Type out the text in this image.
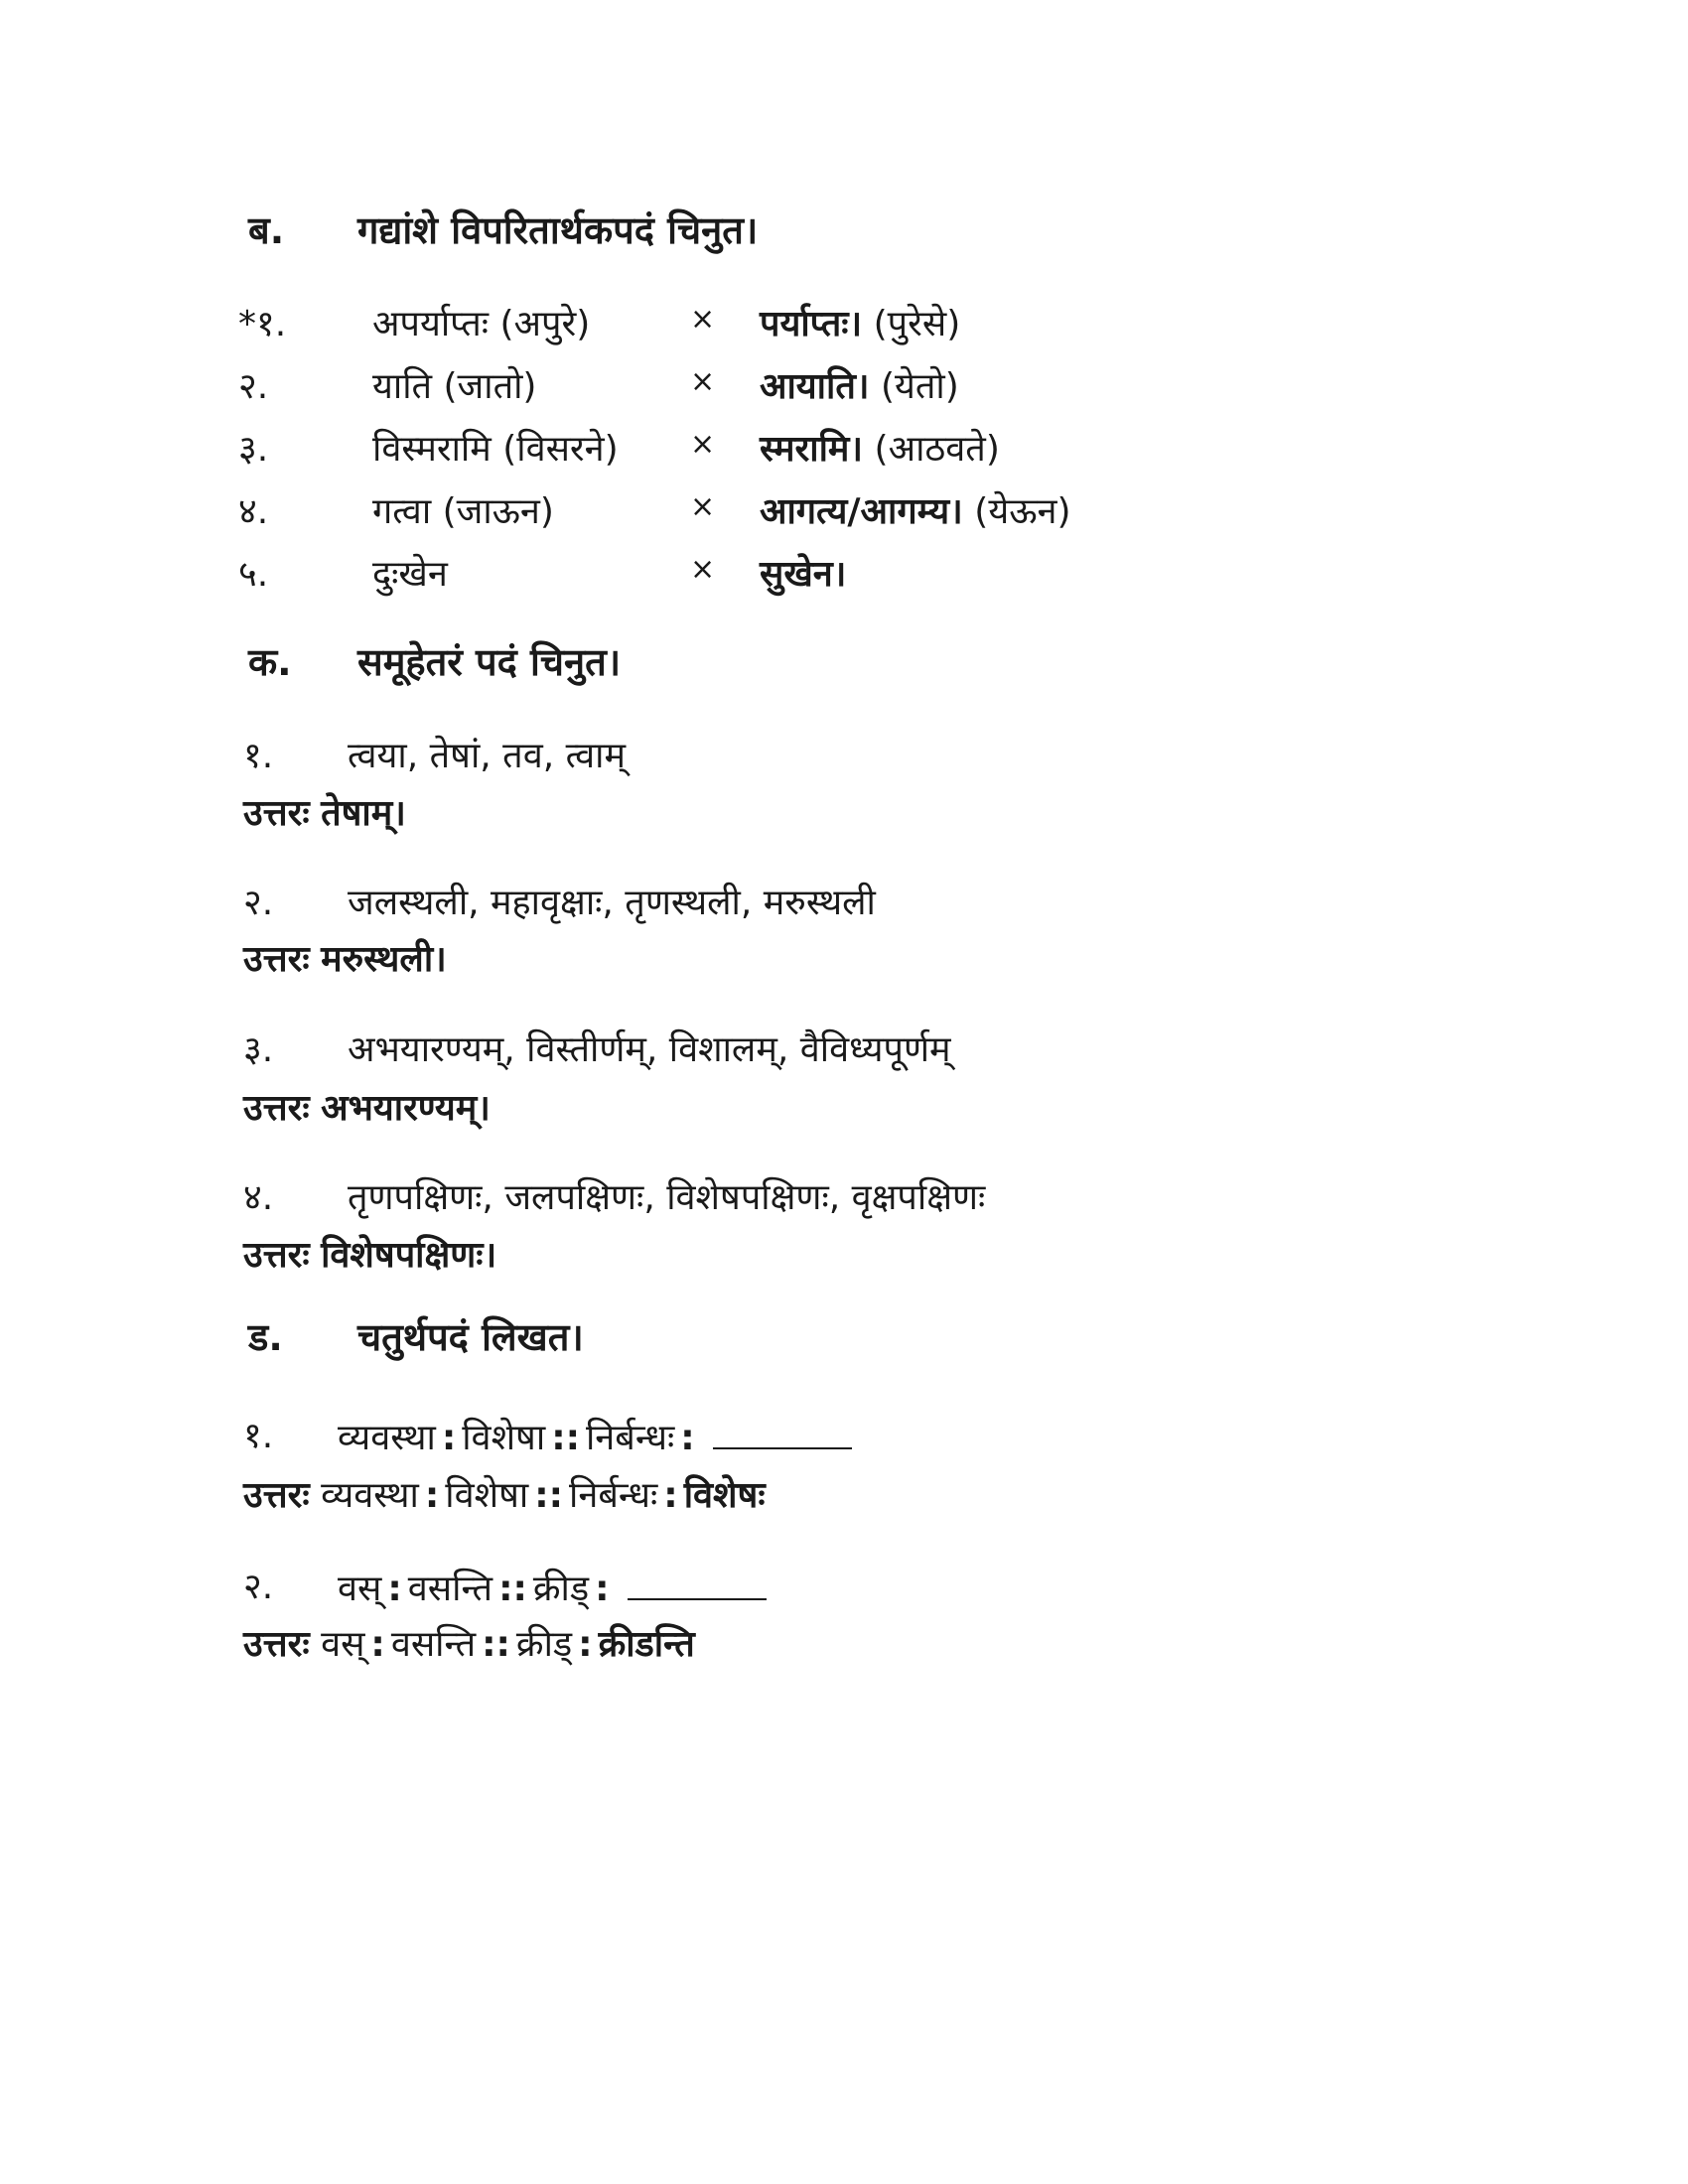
ब. गद्यांशे विपरितार्थकपदं चिनुत।
*१. अपर्याप्तः (अपुरे)	× पर्याप्तः। (पुरेसे)
२.	याति (जातो)	× आयाति। (येतो)
३.	विस्मरामि (विसरने) × स्मरामि। (आठवते)
४.	गत्वा (जाऊन)	× आगत्य/आगम्य। (येऊन)
५.	दुःखेन	× सुखेन।
क. समूहेतरं पदं चिनुत।
१. त्वया, तेषां, तव, त्वाम्
उत्तरः तेषाम्।
२. जलस्थली, महावृक्षाः, तृणस्थली, मरुस्थली
उत्तरः मरुस्थली।
३. अभयारण्यम्, विस्तीर्णम्, विशालम्, वैविध्यपूर्णम्
उत्तरः अभयारण्यम्।
४. तृणपक्षिणः, जलपक्षिणः, विशेषपक्षिणः, वृक्षपक्षिणः
उत्तरः विशेषपक्षिणः।
ड. चतुर्थपदं लिखत।
१. व्यवस्था : विशेषा :: निर्बन्धः :
उत्तरः व्यवस्था : विशेषा :: निर्बन्धः : विशेषः
२. वस् : वसन्ति :: क्रीड् :
उत्तरः वस् : वसन्ति :: क्रीड् : क्रीडन्ति
